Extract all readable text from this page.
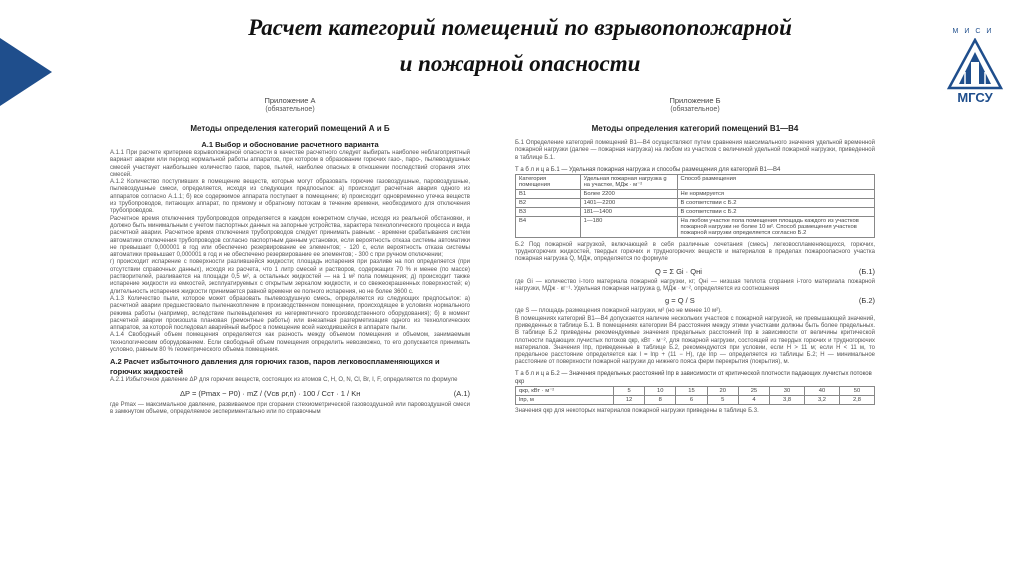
Расчет категорий помещений по взрывопопожарной
и пожарной опасности
МИСИ
МГСУ
Приложение А
(обязательное)
Методы определения категорий помещений А и Б
А.1 Выбор и обоснование расчетного варианта
А.1.1 При расчете критериев взрывопожарной опасности в качестве расчетного следует выбирать наиболее неблагоприятный вариант аварии или период нормальной работы аппаратов, при котором в образовании горючих газо-, паро-, пылевоздушных смесей участвует наибольшее количество газов, паров, пылей, наиболее опасных в отношении последствий сгорания этих смесей.
А.1.2 Количество поступивших в помещение веществ, которые могут образовать горючие газовоздушные, паровоздушные, пылевоздушные смеси, определяется, исходя из следующих предпосылок: а) происходит расчетная авария одного из аппаратов согласно А.1.1; б) все содержимое аппарата поступает в помещение; в) происходит одновременно утечка веществ из трубопроводов, питающих аппарат, по прямому и обратному потокам в течение времени, необходимого для отключения трубопроводов.
Расчетное время отключения трубопроводов определяется в каждом конкретном случае, исходя из реальной обстановки, и должно быть минимальным с учетом паспортных данных на запорные устройства, характера технологического процесса и вида расчетной аварии. Расчетное время отключения трубопроводов следует принимать равным: - времени срабатывания систем автоматики отключения трубопроводов согласно паспортным данным установки, если вероятность отказа системы автоматики не превышает 0,000001 в год или обеспечено резервирование ее элементов; - 120 с, если вероятность отказа системы автоматики превышает 0,000001 в год и не обеспечено резервирование ее элементов; - 300 с при ручном отключении;
г) происходит испарение с поверхности разлившейся жидкости; площадь испарения при разливе на пол определяется (при отсутствии справочных данных), исходя из расчета, что 1 литр смесей и растворов, содержащих 70 % и менее (по массе) растворителей, разливается на площади 0,5 м², а остальных жидкостей — на 1 м² пола помещения; д) происходит также испарение жидкости из емкостей, эксплуатируемых с открытым зеркалом жидкости, и со свежеокрашенных поверхностей; е) длительность испарения жидкости принимается равной времени ее полного испарения, но не более 3600 с.
А.1.3 Количество пыли, которое может образовать пылевоздушную смесь, определяется из следующих предпосылок: а) расчетной аварии предшествовало пыленакопление в производственном помещении, происходящее в условиях нормального режима работы (например, вследствие пылевыделения из негерметичного производственного оборудования); б) в момент расчетной аварии произошла плановая (ремонтные работы) или внезапная разгерметизация одного из технологических аппаратов, за которой последовал аварийный выброс в помещение всей находившейся в аппарате пыли.
А.1.4 Свободный объем помещения определяется как разность между объемом помещения и объемом, занимаемым технологическим оборудованием. Если свободный объем помещения определить невозможно, то его допускается принимать условно, равным 80 % геометрического объема помещения.
А.2 Расчет избыточного давления для горючих газов, паров легковоспламеняющихся и горючих жидкостей
А.2.1 Избыточное давление ΔP для горючих веществ, состоящих из атомов С, Н, О, N, Cl, Br, I, F, определяется по формуле
ΔP = (Pmax − P0) · mZ / (Vсв ρг,п) · 100 / Cст · 1 / Kн	(А.1)
где Pmax — максимальное давление, развиваемое при сгорании стехиометрической газовоздушной или паровоздушной смеси в замкнутом объеме, определяемое экспериментально или по справочным
Приложение Б
(обязательное)
Методы определения категорий помещений В1—В4
Б.1 Определение категорий помещений В1—В4 осуществляют путем сравнения максимального значения удельной временной пожарной нагрузки (далее — пожарная нагрузка) на любом из участков с величиной удельной пожарной нагрузки, приведенной в таблице Б.1.
Т а б л и ц а Б.1 — Удельная пожарная нагрузка и способы размещения для категорий В1—В4
Категория помещения	Удельная пожарная нагрузка g на участке, МДж · м⁻²	Способ размещения
В1	Более 2200	Не нормируется
В2	1401—2200	В соответствии с Б.2
В3	181—1400	В соответствии с Б.2
В4	1—180	На любом участке пола помещения площадь каждого из участков пожарной нагрузки не более 10 м². Способ размещения участков пожарной нагрузки определяется согласно Б.2
Б.2 Под пожарной нагрузкой, включающей в себя различные сочетания (смесь) легковоспламеняющихся, горючих, трудногорючих жидкостей, твердых горючих и трудногорючих веществ и материалов в пределах пожароопасного участка пожарная нагрузка Q, МДж, определяется по формуле
Q = Σ Gi · Qнi	(Б.1)
где Gi — количество i-того материала пожарной нагрузки, кг; Qнi — низшая теплота сгорания i-того материала пожарной нагрузки, МДж · кг⁻¹. Удельная пожарная нагрузка g, МДж · м⁻², определяется из соотношения
g = Q / S	(Б.2)
где S — площадь размещения пожарной нагрузки, м² (но не менее 10 м²).
В помещениях категорий В1—В4 допускается наличие нескольких участков с пожарной нагрузкой, не превышающей значений, приведенных в таблице Б.1. В помещениях категории В4 расстояния между этими участками должны быть более предельных. В таблице Б.2 приведены рекомендуемые значения предельных расстояний lпр в зависимости от величины критической плотности падающих лучистых потоков qкр, кВт · м⁻², для пожарной нагрузки, состоящей из твердых горючих и трудногорючих материалов. Значения lпр, приведенные в таблице Б.2, рекомендуются при условии, если H > 11 м; если H < 11 м, то предельное расстояние определяется как l = lпр + (11 − H), где lпр — определяется из таблицы Б.2; H — минимальное расстояние от поверхности пожарной нагрузки до нижнего пояса ферм перекрытия (покрытия), м.
Т а б л и ц а Б.2 — Значения предельных расстояний lпр в зависимости от критической плотности падающих лучистых потоков qкр
qкр, кВт · м⁻²	5	10	15	20	25	30	40	50
lпр, м	12	8	6	5	4	3,8	3,2	2,8
Значения qкр для некоторых материалов пожарной нагрузки приведены в таблице Б.3.
